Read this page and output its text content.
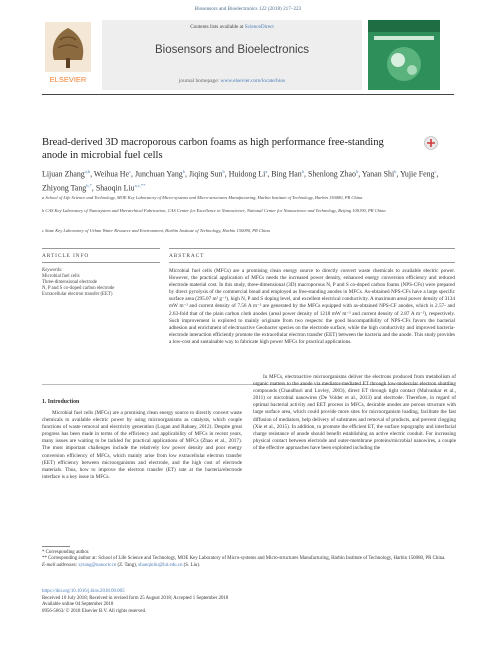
Biosensors and Bioelectronics 122 (2018) 217–223
ELSEVIER
Contents lists available at ScienceDirect
Biosensors and Bioelectronics
journal homepage: www.elsevier.com/locate/bios
Bread-derived 3D macroporous carbon foams as high performance free-standing anode in microbial fuel cells
Lijuan Zhang$^{a,b}$, Weihua He$^c$, Junchuan Yang$^b$, Jiqing Sun$^b$, Huidong Li$^a$, Bing Han$^b$, Shenlong Zhao$^b$, Yanan Shi$^b$, Yujie Feng$^c$, Zhiyong Tang$^{b,*}$, Shaoqin Liu$^{a,c,**}$
a School of Life Science and Technology, MOE Key Laboratory of Micro-systems and Micro-structures Manufacturing, Harbin Institute of Technology, Harbin 150080, PR China
b CAS Key Laboratory of Nanosystem and Hierarchical Fabrication, CAS Center for Excellence in Nanoscience, National Center for Nanoscience and Technology, Beijing 100190, PR China
c State Key Laboratory of Urban Water Resource and Environment, Harbin Institute of Technology, Harbin 150090, PR China
ARTICLE INFO
Keywords:
Microbial fuel cells
Three-dimensional electrode
N, P and S co-doped carbon electrode
Extracellular electron transfer (EET)
ABSTRACT
Microbial fuel cells (MFCs) are a promising clean energy source to directly convert waste chemicals to available electric power. However, the practical application of MFCs needs the increased power density, enhanced energy conversion efficiency and reduced electrode material cost. In this study, three-dimensional (3D) macroporous N, P and S co-doped carbon foams (NPS-CFs) were prepared by direct pyrolysis of the commercial bread and employed as free-standing anodes in MFCs. As-obtained NPS-CFs have a large specific surface area (295.07 m² g⁻¹), high N, P and S doping level, and excellent electrical conductivity. A maximum areal power density of 3134 mW m⁻² and current density of 7.56 A m⁻² are generated by the MFCs equipped with as-obtained NPS-CF anodes, which is 2.57- and 2.63-fold that of the plain carbon cloth anodes (areal power density of 1218 mW m⁻² and current density of 2.87 A m⁻²), respectively. Such improvement is explored to mainly originate from two respects: the good biocompatibility of NPS-CFs favors the bacterial adhesion and enrichment of electroactive Geobacter species on the electrode surface, while the high conductivity and improved bacteria-electrode interaction efficiently promote the extracellular electron transfer (EET) between the bacteria and the anode. This study provides a low-cost and sustainable way to fabricate high power MFCs for practical applications.
1. Introduction
Microbial fuel cells (MFCs) are a promising clean energy source to directly convert waste chemicals to available electric power by using microorganisms as catalysts, which couple functions of waste removal and electricity generation (Logan and Rabaey, 2012). Despite great progress has been made in terms of the efficiency and applicability of MFCs in recent years, many issues are waiting to be tackled for practical applications of MFCs (Zhao et al., 2017). The most important challenges include the relatively low power density and poor energy conversion efficiency of MFCs, which mainly arise from low extracellular electron transfer (EET) efficiency between microorganisms and electrode, and the high cost of electrode materials. Thus, how to improve the electron transfer (ET) rate at the bacteria/electrode interface is a key issue in MFCs.
In MFCs, electroactive microorganisms deliver the electrons produced from metabolism of organic matters to the anode via mediator-mediated ET through low-molecular electron shuttling compounds (Chaudhuri and Lovley, 2003), direct ET through tight contact (Malvankar et al., 2011) or microbial nanowires (De Volder et al., 2013) and electrode. Therefore, in regard of optimal bacterial activity and EET process in MFCs, desirable anodes are porous structure with large surface area, which could provide more sites for microorganism loading, facilitate the fast diffusion of mediators, help delivery of substrates and removal of products, and prevent clogging (Xie et al., 2015). In addition, to promote the efficient ET, the surface topography and interfacial charge resistance of anode should benefit establishing an active electric conduit. For increasing physical contact between electrode and outer-membrane proteins/microbial nanowires, a couple of the effective approaches have been exploited including the
* Corresponding author.
** Corresponding author at: School of Life Science and Technology, MOE Key Laboratory of Micro-systems and Micro-structures Manufacturing, Harbin Institute of Technology, Harbin 150080, PR China.
E-mail addresses: zytang@nanoctr.cn (Z. Tang), shaoqinliu@hit.edu.cn (S. Liu).
https://doi.org/10.1016/j.bios.2018.09.005
Received 10 July 2018; Received in revised form 25 August 2018; Accepted 1 September 2018
Available online 04 September 2018
0956-5663/ © 2018 Elsevier B.V. All rights reserved.
